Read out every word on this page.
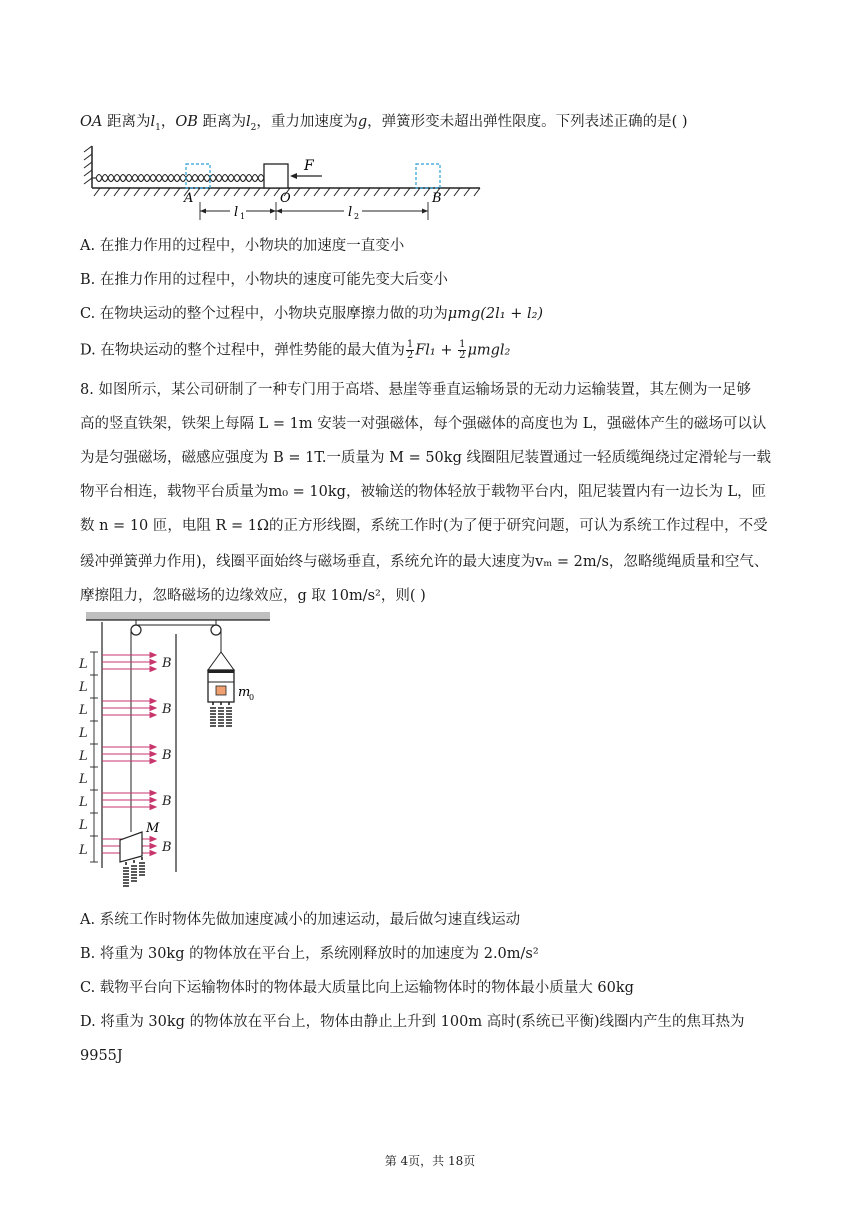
OA 距离为$l_1$，OB 距离为$l_2$，重力加速度为g，弹簧形变未超出弹性限度。下列表述正确的是( )
F
A	O	B
l 1	l 2
A. 在推力作用的过程中，小物块的加速度一直变小
B. 在推力作用的过程中，小物块的速度可能先变大后变小
C. 在物块运动的整个过程中，小物块克服摩擦力做的功为μmg(2l₁ + l₂)
D. 在物块运动的整个过程中，弹性势能的最大值为 $\frac{1}{2} Fl_1 + \frac{1}{2} \mu mgl_2$
8. 如图所示，某公司研制了一种专门用于高塔、悬崖等垂直运输场景的无动力运输装置，其左侧为一足够
高的竖直铁架，铁架上每隔 L = 1m 安装一对强磁体，每个强磁体的高度也为 L，强磁体产生的磁场可以认
为是匀强磁场，磁感应强度为 B = 1T.一质量为 M = 50kg 线圈阻尼装置通过一轻质缆绳绕过定滑轮与一载
物平台相连，载物平台质量为m₀ = 10kg，被输送的物体轻放于载物平台内，阻尼装置内有一边长为 L，匝
数 n = 10 匝，电阻 R = 1Ω的正方形线圈，系统工作时(为了便于研究问题，可认为系统工作过程中，不受
缓冲弹簧弹力作用)，线圈平面始终与磁场垂直，系统允许的最大速度为vₘ = 2m/s，忽略缆绳质量和空气、
摩擦阻力，忽略磁场的边缘效应，g 取 10m/s²，则( )
L
L
L
L
L
L
L
L
L
B
B
B
B
B
M
m
0
A. 系统工作时物体先做加速度减小的加速运动，最后做匀速直线运动
B. 将重为 30kg 的物体放在平台上，系统刚释放时的加速度为 2.0m/s²
C. 载物平台向下运输物体时的物体最大质量比向上运输物体时的物体最小质量大 60kg
D. 将重为 30kg 的物体放在平台上，物体由静止上升到 100m 高时(系统已平衡)线圈内产生的焦耳热为
9955J
第 4页，共 18页
